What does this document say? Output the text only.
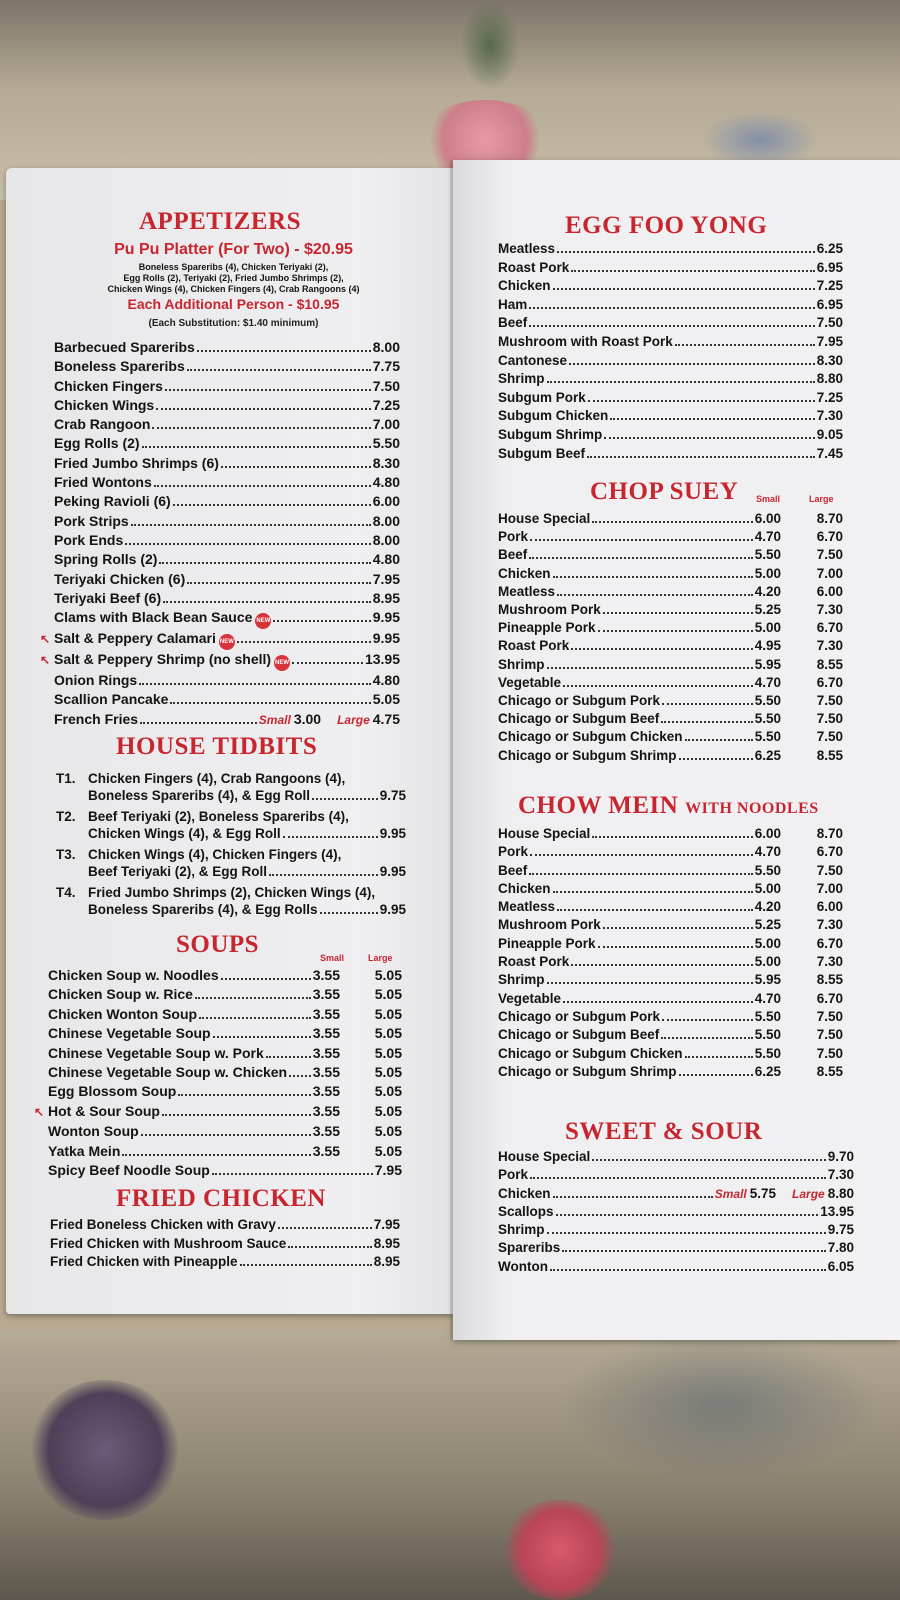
APPETIZERS
Pu Pu Platter (For Two) - $20.95
Boneless Spareribs (4), Chicken Teriyaki (2),
Egg Rolls (2), Teriyaki (2), Fried Jumbo Shrimps (2),
Chicken Wings (4), Chicken Fingers (4), Crab Rangoons (4)
Each Additional Person - $10.95
(Each Substitution: $1.40 minimum)
Barbecued Spareribs	8.00
Boneless Spareribs	7.75
Chicken Fingers	7.50
Chicken Wings	7.25
Crab Rangoon	7.00
Egg Rolls (2)	5.50
Fried Jumbo Shrimps (6)	8.30
Fried Wontons	4.80
Peking Ravioli (6)	6.00
Pork Strips	8.00
Pork Ends	8.00
Spring Rolls (2)	4.80
Teriyaki Chicken (6)	7.95
Teriyaki Beef (6)	8.95
Clams with Black Bean Sauce NEW	9.95
↖ Salt & Peppery Calamari NEW	9.95
↖ Salt & Peppery Shrimp (no shell) NEW	13.95
Onion Rings	4.80
Scallion Pancake	5.05
French Fries	Small 3.00 Large 4.75
HOUSE TIDBITS
T1. Chicken Fingers (4), Crab Rangoons (4),
Boneless Spareribs (4), & Egg Roll	9.75
T2. Beef Teriyaki (2), Boneless Spareribs (4),
Chicken Wings (4), & Egg Roll	9.95
T3. Chicken Wings (4), Chicken Fingers (4),
Beef Teriyaki (2), & Egg Roll	9.95
T4. Fried Jumbo Shrimps (2), Chicken Wings (4),
Boneless Spareribs (4), & Egg Rolls	9.95
SOUPS	Small	Large
Chicken Soup w. Noodles	3.55	5.05
Chicken Soup w. Rice	3.55	5.05
Chicken Wonton Soup	3.55	5.05
Chinese Vegetable Soup	3.55	5.05
Chinese Vegetable Soup w. Pork	3.55	5.05
Chinese Vegetable Soup w. Chicken 3.55	5.05
Egg Blossom Soup	3.55	5.05
↖ Hot & Sour Soup	3.55	5.05
Wonton Soup	3.55	5.05
Yatka Mein	3.55	5.05
Spicy Beef Noodle Soup	7.95
FRIED CHICKEN
Fried Boneless Chicken with Gravy	7.95
Fried Chicken with Mushroom Sauce	8.95
Fried Chicken with Pineapple	8.95
EGG FOO YONG
Meatless	6.25
Roast Pork	6.95
Chicken	7.25
Ham	6.95
Beef	7.50
Mushroom with Roast Pork	7.95
Cantonese	8.30
Shrimp	8.80
Subgum Pork	7.25
Subgum Chicken	7.30
Subgum Shrimp	9.05
Subgum Beef	7.45
CHOP SUEY Small	Large
House Special	6.00	8.70
Pork	4.70	6.70
Beef	5.50	7.50
Chicken	5.00	7.00
Meatless	4.20	6.00
Mushroom Pork	5.25	7.30
Pineapple Pork	5.00	6.70
Roast Pork	4.95	7.30
Shrimp	5.95	8.55
Vegetable	4.70	6.70
Chicago or Subgum Pork	5.50	7.50
Chicago or Subgum Beef	5.50	7.50
Chicago or Subgum Chicken	5.50	7.50
Chicago or Subgum Shrimp	6.25	8.55
CHOW MEIN WITH NOODLES
House Special	6.00	8.70
Pork	4.70	6.70
Beef	5.50	7.50
Chicken	5.00	7.00
Meatless	4.20	6.00
Mushroom Pork	5.25	7.30
Pineapple Pork	5.00	6.70
Roast Pork	5.00	7.30
Shrimp	5.95	8.55
Vegetable	4.70	6.70
Chicago or Subgum Pork	5.50	7.50
Chicago or Subgum Beef	5.50	7.50
Chicago or Subgum Chicken	5.50	7.50
Chicago or Subgum Shrimp	6.25	8.55
SWEET & SOUR
House Special	9.70
Pork	7.30
Chicken	Small 5.75 Large 8.80
Scallops	13.95
Shrimp	9.75
Spareribs	7.80
Wonton	6.05
